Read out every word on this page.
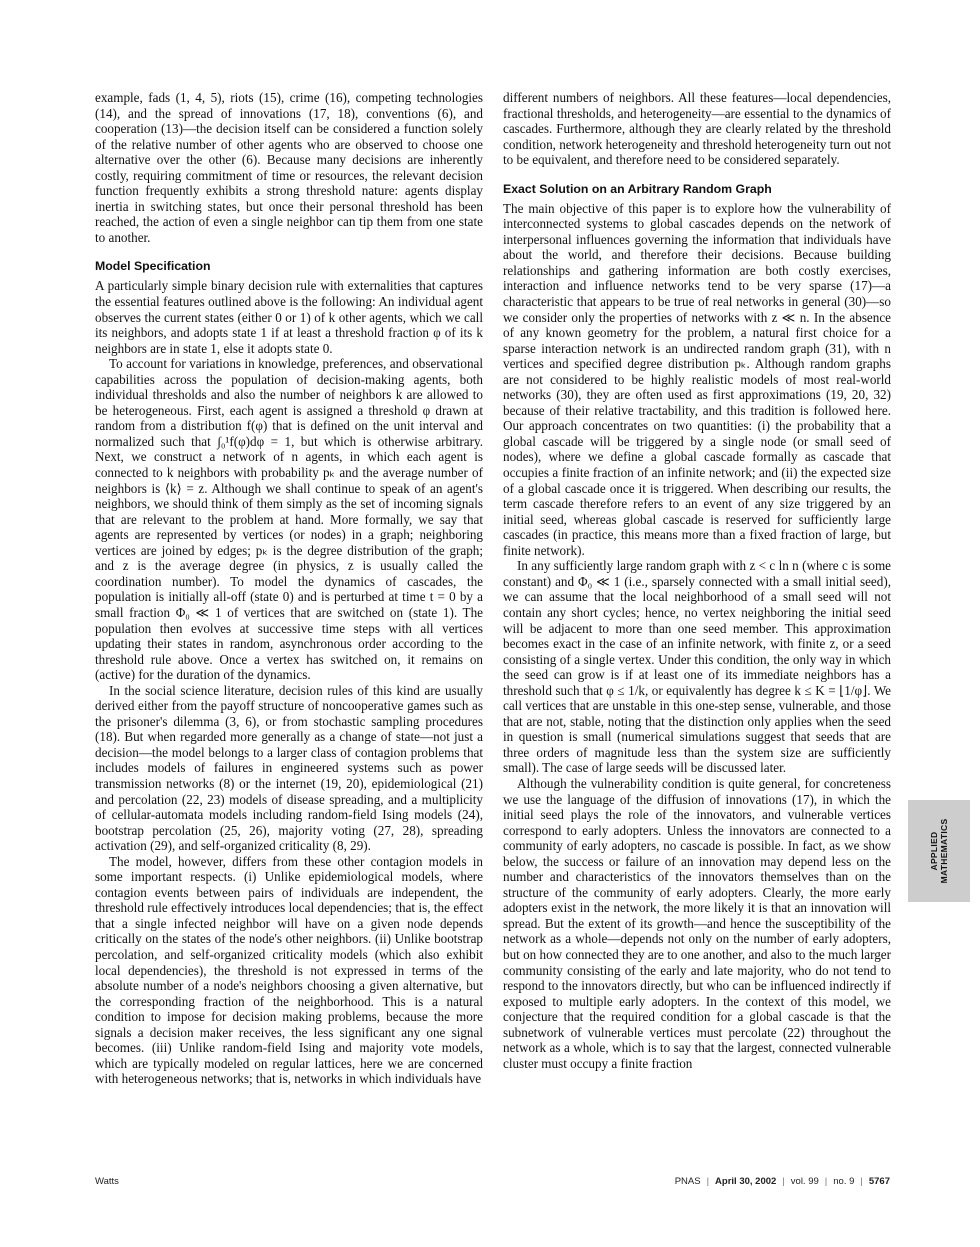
example, fads (1, 4, 5), riots (15), crime (16), competing technologies (14), and the spread of innovations (17, 18), conventions (6), and cooperation (13)—the decision itself can be considered a function solely of the relative number of other agents who are observed to choose one alternative over the other (6). Because many decisions are inherently costly, requiring commitment of time or resources, the relevant decision function frequently exhibits a strong threshold nature: agents display inertia in switching states, but once their personal threshold has been reached, the action of even a single neighbor can tip them from one state to another.

Model Specification

A particularly simple binary decision rule with externalities that captures the essential features outlined above is the following: An individual agent observes the current states (either 0 or 1) of k other agents, which we call its neighbors, and adopts state 1 if at least a threshold fraction φ of its k neighbors are in state 1, else it adopts state 0.

To account for variations in knowledge, preferences, and observational capabilities across the population of decision-making agents, both individual thresholds and also the number of neighbors k are allowed to be heterogeneous. First, each agent is assigned a threshold φ drawn at random from a distribution f(φ) that is defined on the unit interval and normalized such that ∫₀¹f(φ)dφ = 1, but which is otherwise arbitrary. Next, we construct a network of n agents, in which each agent is connected to k neighbors with probability pₖ and the average number of neighbors is ⟨k⟩ = z. Although we shall continue to speak of an agent's neighbors, we should think of them simply as the set of incoming signals that are relevant to the problem at hand. More formally, we say that agents are represented by vertices (or nodes) in a graph; neighboring vertices are joined by edges; pₖ is the degree distribution of the graph; and z is the average degree (in physics, z is usually called the coordination number). To model the dynamics of cascades, the population is initially all-off (state 0) and is perturbed at time t = 0 by a small fraction Φ₀ ≪ 1 of vertices that are switched on (state 1). The population then evolves at successive time steps with all vertices updating their states in random, asynchronous order according to the threshold rule above. Once a vertex has switched on, it remains on (active) for the duration of the dynamics.

In the social science literature, decision rules of this kind are usually derived either from the payoff structure of noncooperative games such as the prisoner's dilemma (3, 6), or from stochastic sampling procedures (18). But when regarded more generally as a change of state—not just a decision—the model belongs to a larger class of contagion problems that includes models of failures in engineered systems such as power transmission networks (8) or the internet (19, 20), epidemiological (21) and percolation (22, 23) models of disease spreading, and a multiplicity of cellular-automata models including random-field Ising models (24), bootstrap percolation (25, 26), majority voting (27, 28), spreading activation (29), and self-organized criticality (8, 29).

The model, however, differs from these other contagion models in some important respects. (i) Unlike epidemiological models, where contagion events between pairs of individuals are independent, the threshold rule effectively introduces local dependencies; that is, the effect that a single infected neighbor will have on a given node depends critically on the states of the node's other neighbors. (ii) Unlike bootstrap percolation, and self-organized criticality models (which also exhibit local dependencies), the threshold is not expressed in terms of the absolute number of a node's neighbors choosing a given alternative, but the corresponding fraction of the neighborhood. This is a natural condition to impose for decision making problems, because the more signals a decision maker receives, the less significant any one signal becomes. (iii) Unlike random-field Ising and majority vote models, which are typically modeled on regular lattices, here we are concerned with heterogeneous networks; that is, networks in which individuals have

different numbers of neighbors. All these features—local dependencies, fractional thresholds, and heterogeneity—are essential to the dynamics of cascades. Furthermore, although they are clearly related by the threshold condition, network heterogeneity and threshold heterogeneity turn out not to be equivalent, and therefore need to be considered separately.

Exact Solution on an Arbitrary Random Graph

The main objective of this paper is to explore how the vulnerability of interconnected systems to global cascades depends on the network of interpersonal influences governing the information that individuals have about the world, and therefore their decisions. Because building relationships and gathering information are both costly exercises, interaction and influence networks tend to be very sparse (17)—a characteristic that appears to be true of real networks in general (30)—so we consider only the properties of networks with z ≪ n. In the absence of any known geometry for the problem, a natural first choice for a sparse interaction network is an undirected random graph (31), with n vertices and specified degree distribution pₖ. Although random graphs are not considered to be highly realistic models of most real-world networks (30), they are often used as first approximations (19, 20, 32) because of their relative tractability, and this tradition is followed here. Our approach concentrates on two quantities: (i) the probability that a global cascade will be triggered by a single node (or small seed of nodes), where we define a global cascade formally as cascade that occupies a finite fraction of an infinite network; and (ii) the expected size of a global cascade once it is triggered. When describing our results, the term cascade therefore refers to an event of any size triggered by an initial seed, whereas global cascade is reserved for sufficiently large cascades (in practice, this means more than a fixed fraction of large, but finite network).

In any sufficiently large random graph with z < c ln n (where c is some constant) and Φ₀ ≪ 1 (i.e., sparsely connected with a small initial seed), we can assume that the local neighborhood of a small seed will not contain any short cycles; hence, no vertex neighboring the initial seed will be adjacent to more than one seed member. This approximation becomes exact in the case of an infinite network, with finite z, or a seed consisting of a single vertex. Under this condition, the only way in which the seed can grow is if at least one of its immediate neighbors has a threshold such that φ ≤ 1/k, or equivalently has degree k ≤ K = ⌊1/φ⌋. We call vertices that are unstable in this one-step sense, vulnerable, and those that are not, stable, noting that the distinction only applies when the seed in question is small (numerical simulations suggest that seeds that are three orders of magnitude less than the system size are sufficiently small). The case of large seeds will be discussed later.

Although the vulnerability condition is quite general, for concreteness we use the language of the diffusion of innovations (17), in which the initial seed plays the role of the innovators, and vulnerable vertices correspond to early adopters. Unless the innovators are connected to a community of early adopters, no cascade is possible. In fact, as we show below, the success or failure of an innovation may depend less on the number and characteristics of the innovators themselves than on the structure of the community of early adopters. Clearly, the more early adopters exist in the network, the more likely it is that an innovation will spread. But the extent of its growth—and hence the susceptibility of the network as a whole—depends not only on the number of early adopters, but on how connected they are to one another, and also to the much larger community consisting of the early and late majority, who do not tend to respond to the innovators directly, but who can be influenced indirectly if exposed to multiple early adopters. In the context of this model, we conjecture that the required condition for a global cascade is that the subnetwork of vulnerable vertices must percolate (22) throughout the network as a whole, which is to say that the largest, connected vulnerable cluster must occupy a finite fraction

APPLIED MATHEMATICS
Watts	PNAS | April 30, 2002 | vol. 99 | no. 9 | 5767
